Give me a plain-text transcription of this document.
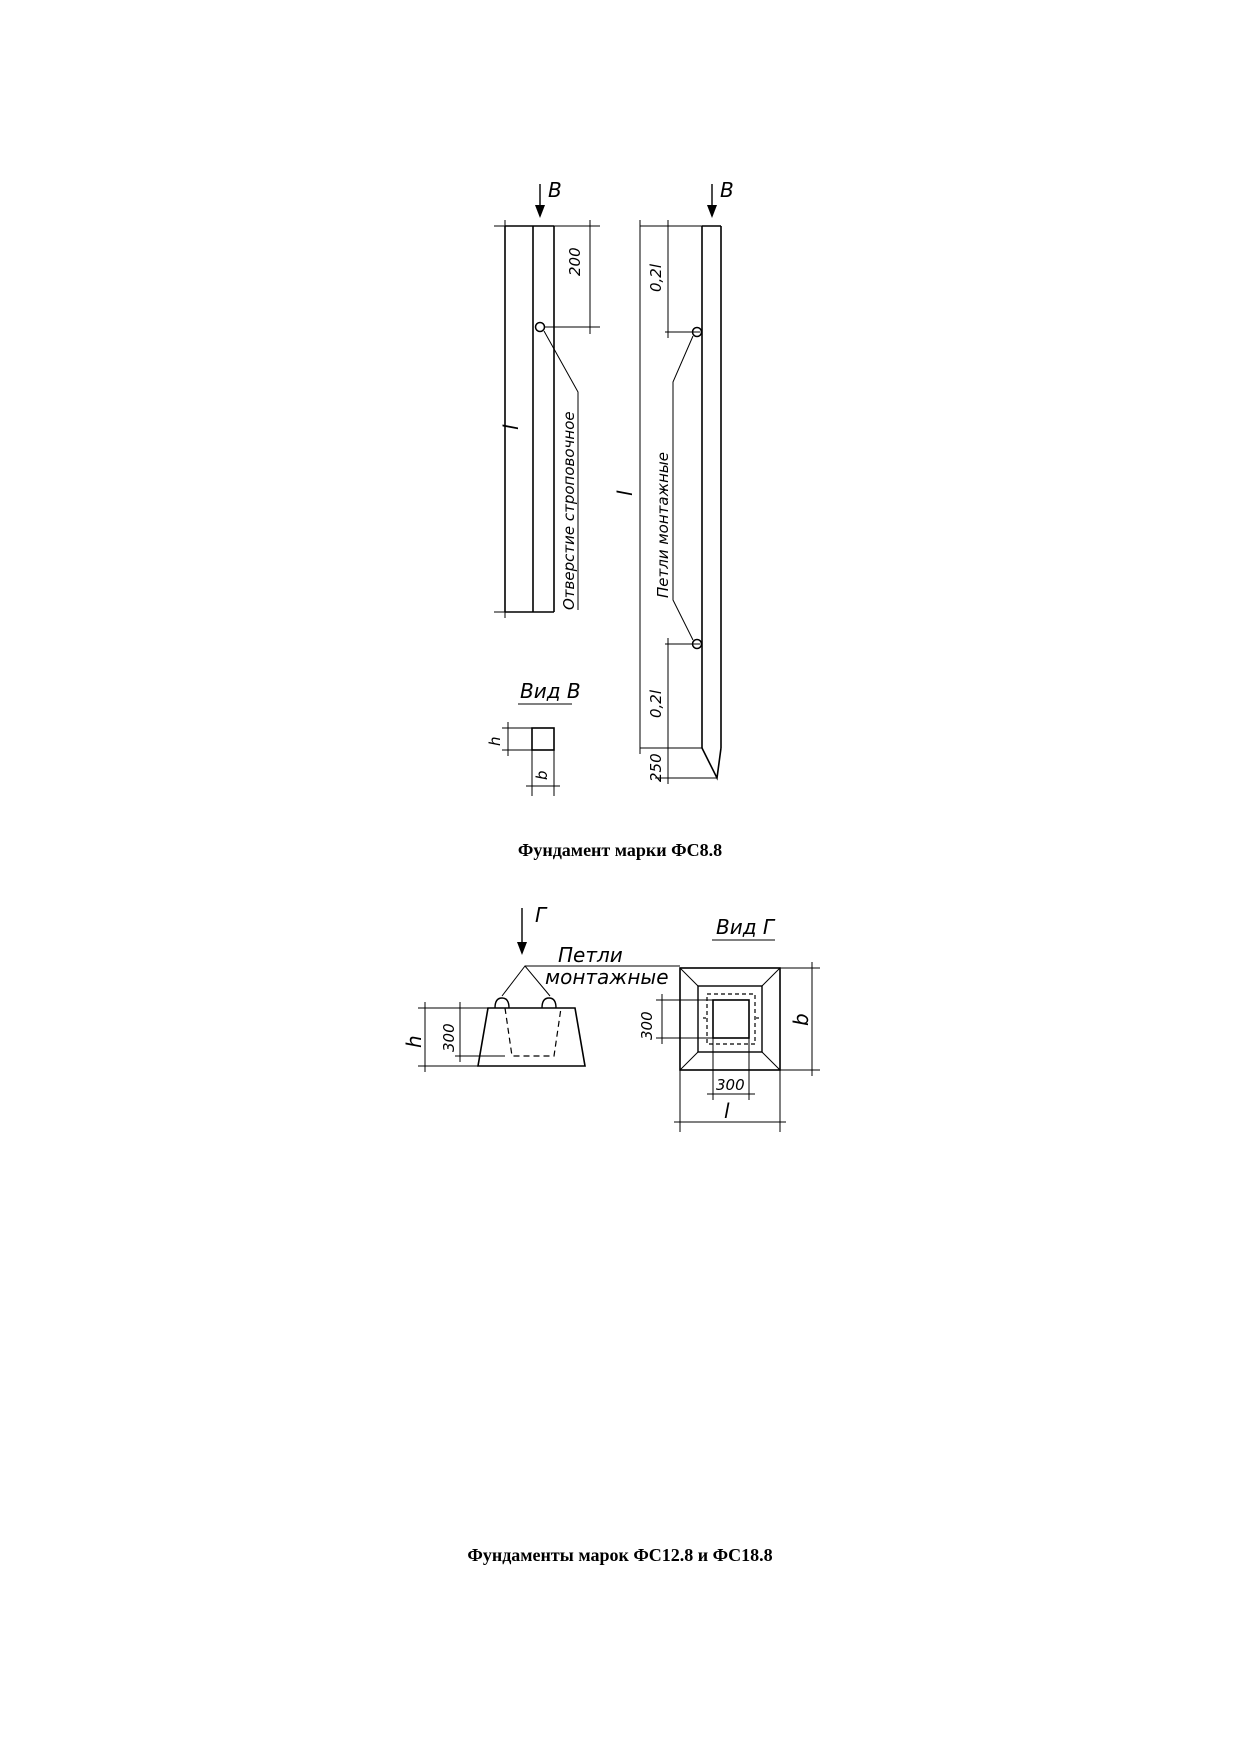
В
200
l Отверстие строповочное
В
0,2l
0,2l
250
l Петли монтажные
Вид В
h
b
Г
Петли
монтажные
300
h
Вид Г
300
300
l
b
Фундамент марки ФС8.8
Фундаменты марок ФС12.8 и ФС18.8
